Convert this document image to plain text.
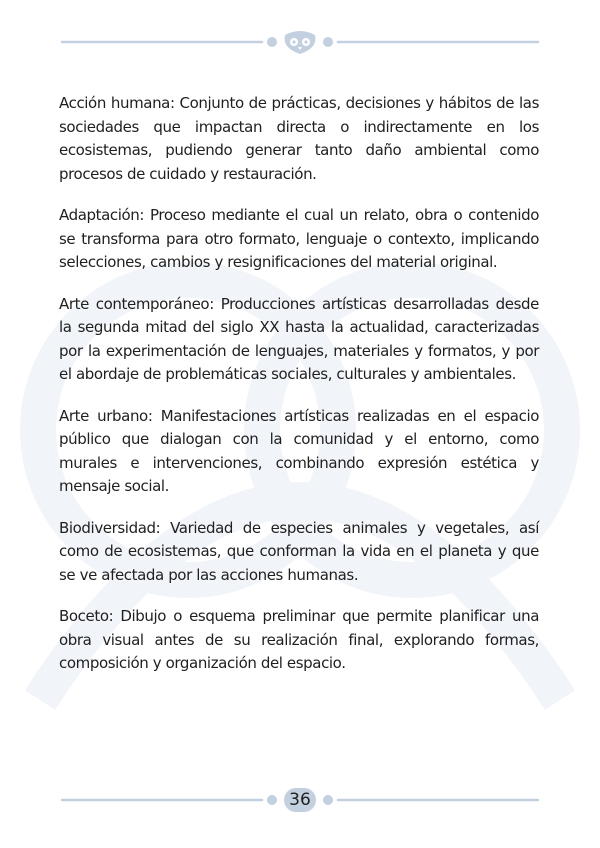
Acción humana: Conjunto de prácticas, decisiones y hábitos de las sociedades que impactan directa o indirectamente en los ecosistemas, pudiendo generar tanto daño ambiental como procesos de cuidado y restauración.

Adaptación: Proceso mediante el cual un relato, obra o contenido se transforma para otro formato, lenguaje o contexto, implicando selecciones, cambios y resignificaciones del material original.

Arte contemporáneo: Producciones artísticas desarrolladas desde la segunda mitad del siglo XX hasta la actualidad, caracterizadas por la experimentación de lenguajes, materiales y formatos, y por el abordaje de problemáticas sociales, culturales y ambientales.

Arte urbano: Manifestaciones artísticas realizadas en el espacio público que dialogan con la comunidad y el entorno, como murales e intervenciones, combinando expresión estética y mensaje social.

Biodiversidad: Variedad de especies animales y vegetales, así como de ecosistemas, que conforman la vida en el planeta y que se ve afectada por las acciones humanas.

Boceto: Dibujo o esquema preliminar que permite planificar una obra visual antes de su realización final, explorando formas, composición y organización del espacio.

36
